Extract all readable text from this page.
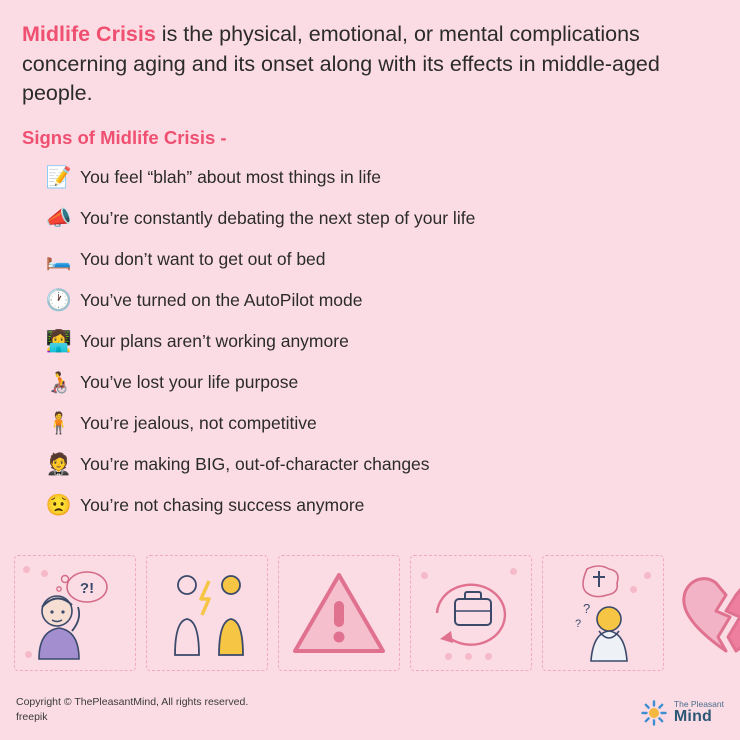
Midlife Crisis is the physical, emotional, or mental complications concerning aging and its onset along with its effects in middle-aged people.
Signs of Midlife Crisis -
📝 You feel “blah” about most things in life
📣 You’re constantly debating the next step of your life
🛏️ You don’t want to get out of bed
🕐 You’ve turned on the AutoPilot mode
👩‍💻 Your plans aren’t working anymore
🧑‍🦽 You’ve lost your life purpose
🧍 You’re jealous, not competitive
🤵 You’re making BIG, out-of-character changes
😟 You’re not chasing success anymore
?!
?
?
Copyright © ThePleasantMind, All rights reserved.
freepik
The Pleasant
Mind
